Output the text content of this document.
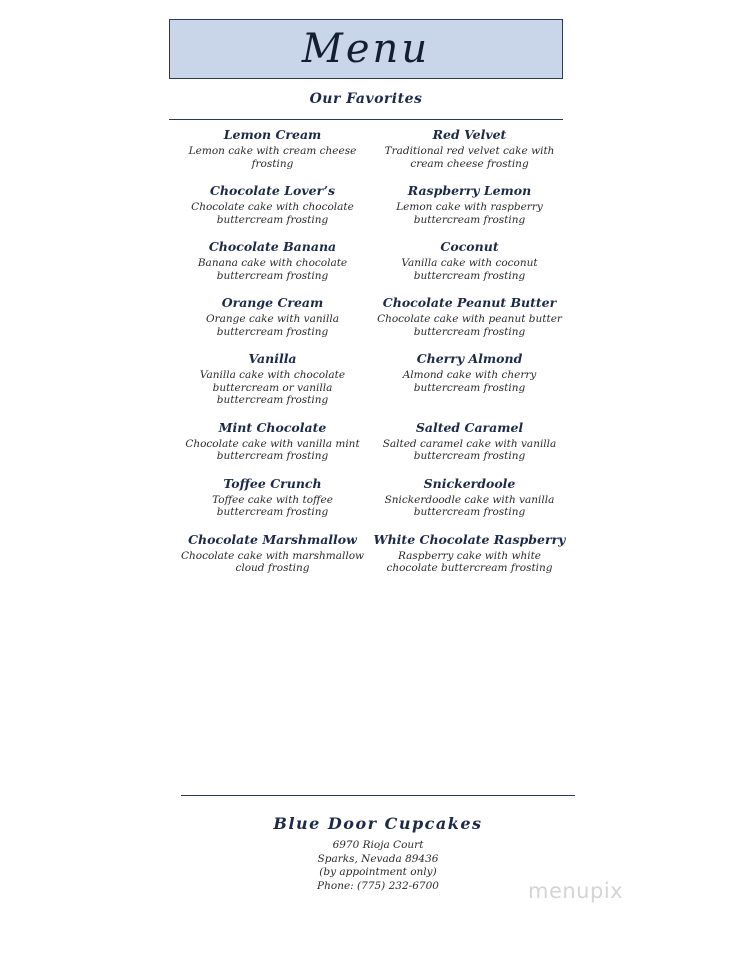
Menu
Our Favorites
Lemon Cream
Lemon cake with cream cheese frosting
Red Velvet
Traditional red velvet cake with cream cheese frosting
Chocolate Lover’s
Chocolate cake with chocolate buttercream frosting
Raspberry Lemon
Lemon cake with raspberry buttercream frosting
Chocolate Banana
Banana cake with chocolate buttercream frosting
Coconut
Vanilla cake with coconut buttercream frosting
Orange Cream
Orange cake with vanilla buttercream frosting
Chocolate Peanut Butter
Chocolate cake with peanut butter buttercream frosting
Vanilla
Vanilla cake with chocolate buttercream or vanilla buttercream frosting
Cherry Almond
Almond cake with cherry buttercream frosting
Mint Chocolate
Chocolate cake with vanilla mint buttercream frosting
Salted Caramel
Salted caramel cake with vanilla buttercream frosting
Toffee Crunch
Toffee cake with toffee buttercream frosting
Snickerdoole
Snickerdoodle cake with vanilla buttercream frosting
Chocolate Marshmallow
Chocolate cake with marshmallow cloud frosting
White Chocolate Raspberry
Raspberry cake with white chocolate buttercream frosting
Blue Door Cupcakes
6970 Rioja Court
Sparks, Nevada 89436
(by appointment only)
Phone: (775) 232-6700	menupix
